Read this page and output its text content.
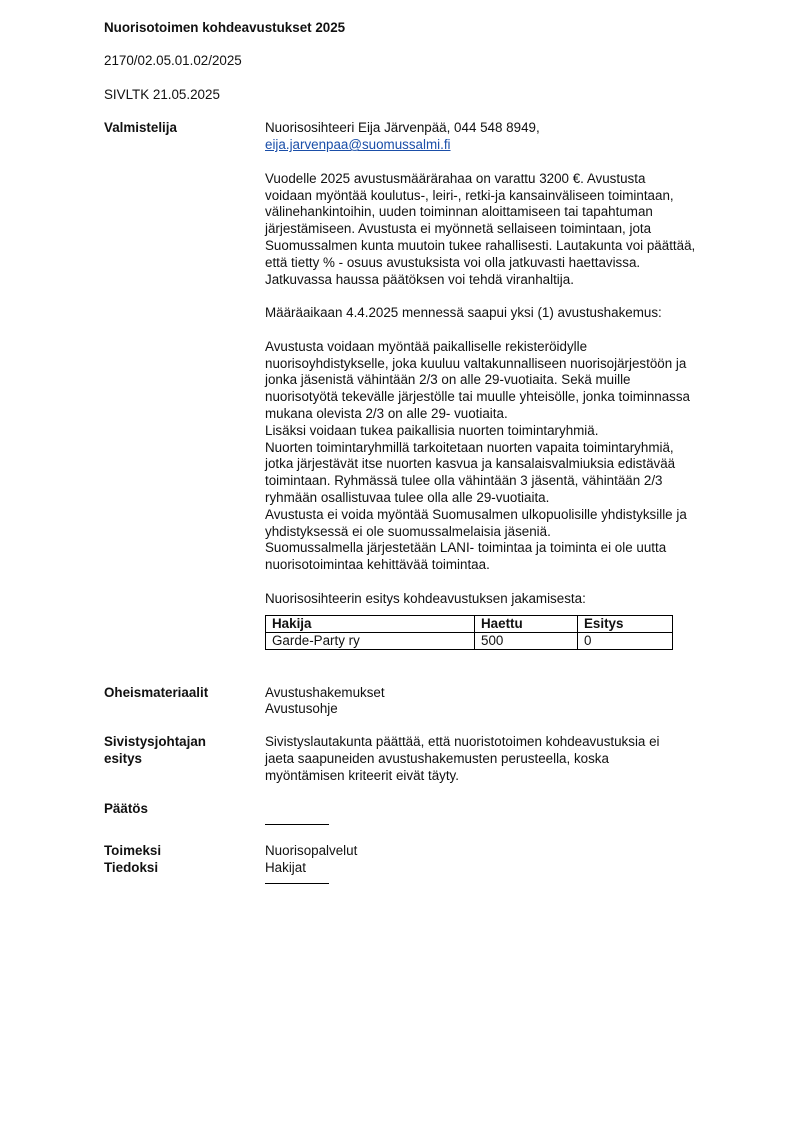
Nuorisotoimen kohdeavustukset 2025
2170/02.05.01.02/2025
SIVLTK 21.05.2025
Valmistelija	Nuorisosihteeri Eija Järvenpää, 044 548 8949,
eija.jarvenpaa@suomussalmi.fi
Vuodelle 2025 avustusmäärärahaa on varattu 3200 €. Avustusta
voidaan myöntää koulutus-, leiri-, retki-ja kansainväliseen toimintaan,
välinehankintoihin, uuden toiminnan aloittamiseen tai tapahtuman
järjestämiseen. Avustusta ei myönnetä sellaiseen toimintaan, jota
Suomussalmen kunta muutoin tukee rahallisesti. Lautakunta voi päättää,
että tietty % - osuus avustuksista voi olla jatkuvasti haettavissa.
Jatkuvassa haussa päätöksen voi tehdä viranhaltija.
Määräaikaan 4.4.2025 mennessä saapui yksi (1) avustushakemus:
Avustusta voidaan myöntää paikalliselle rekisteröidylle
nuorisoyhdistykselle, joka kuuluu valtakunnalliseen nuorisojärjestöön ja
jonka jäsenistä vähintään 2/3 on alle 29-vuotiaita. Sekä muille
nuorisotyötä tekevälle järjestölle tai muulle yhteisölle, jonka toiminnassa
mukana olevista 2/3 on alle 29- vuotiaita.
Lisäksi voidaan tukea paikallisia nuorten toimintaryhmiä.
Nuorten toimintaryhmillä tarkoitetaan nuorten vapaita toimintaryhmiä,
jotka järjestävät itse nuorten kasvua ja kansalaisvalmiuksia edistävää
toimintaan. Ryhmässä tulee olla vähintään 3 jäsentä, vähintään 2/3
ryhmään osallistuvaa tulee olla alle 29-vuotiaita.
Avustusta ei voida myöntää Suomusalmen ulkopuolisille yhdistyksille ja
yhdistyksessä ei ole suomussalmelaisia jäseniä.
Suomussalmella järjestetään LANI- toimintaa ja toiminta ei ole uutta
nuorisotoimintaa kehittävää toimintaa.
Nuorisosihteerin esitys kohdeavustuksen jakamisesta:
Hakija	Haettu	Esitys
Garde-Party ry	500	0
Oheismateriaalit	Avustushakemukset
Avustusohje
Sivistysjohtajan
esitys
Sivistyslautakunta päättää, että nuoristotoimen kohdeavustuksia ei
jaeta saapuneiden avustushakemusten perusteella, koska
myöntämisen kriteerit eivät täyty.
Päätös
Toimeksi	Nuorisopalvelut
Tiedoksi	Hakijat
